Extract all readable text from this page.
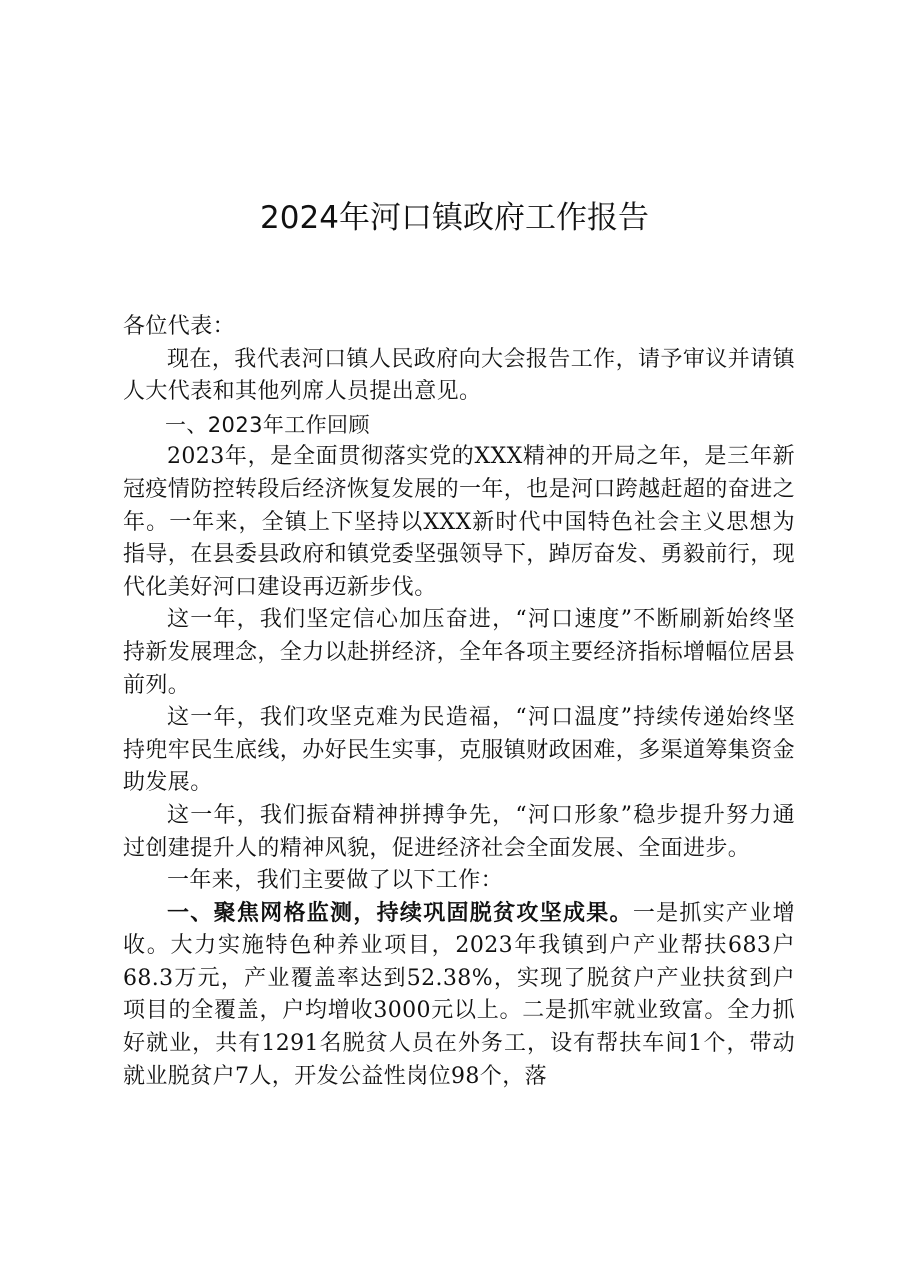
2024年河口镇政府工作报告

各位代表：

现在，我代表河口镇人民政府向大会报告工作，请予审议并请镇人大代表和其他列席人员提出意见。

一、2023年工作回顾

2023年，是全面贯彻落实党的XXX精神的开局之年，是三年新冠疫情防控转段后经济恢复发展的一年，也是河口跨越赶超的奋进之年。一年来，全镇上下坚持以XXX新时代中国特色社会主义思想为指导，在县委县政府和镇党委坚强领导下，踔厉奋发、勇毅前行，现代化美好河口建设再迈新步伐。

这一年，我们坚定信心加压奋进，“河口速度”不断刷新始终坚持新发展理念，全力以赴拼经济，全年各项主要经济指标增幅位居县前列。

这一年，我们攻坚克难为民造福，“河口温度”持续传递始终坚持兜牢民生底线，办好民生实事，克服镇财政困难，多渠道筹集资金助发展。

这一年，我们振奋精神拼搏争先，“河口形象”稳步提升努力通过创建提升人的精神风貌，促进经济社会全面发展、全面进步。

一年来，我们主要做了以下工作：

一、聚焦网格监测，持续巩固脱贫攻坚成果。一是抓实产业增收。大力实施特色种养业项目，2023年我镇到户产业帮扶683户68.3万元，产业覆盖率达到52.38%，实现了脱贫户产业扶贫到户项目的全覆盖，户均增收3000元以上。二是抓牢就业致富。全力抓好就业，共有1291名脱贫人员在外务工，设有帮扶车间1个，带动就业脱贫户7人，开发公益性岗位98个，落
